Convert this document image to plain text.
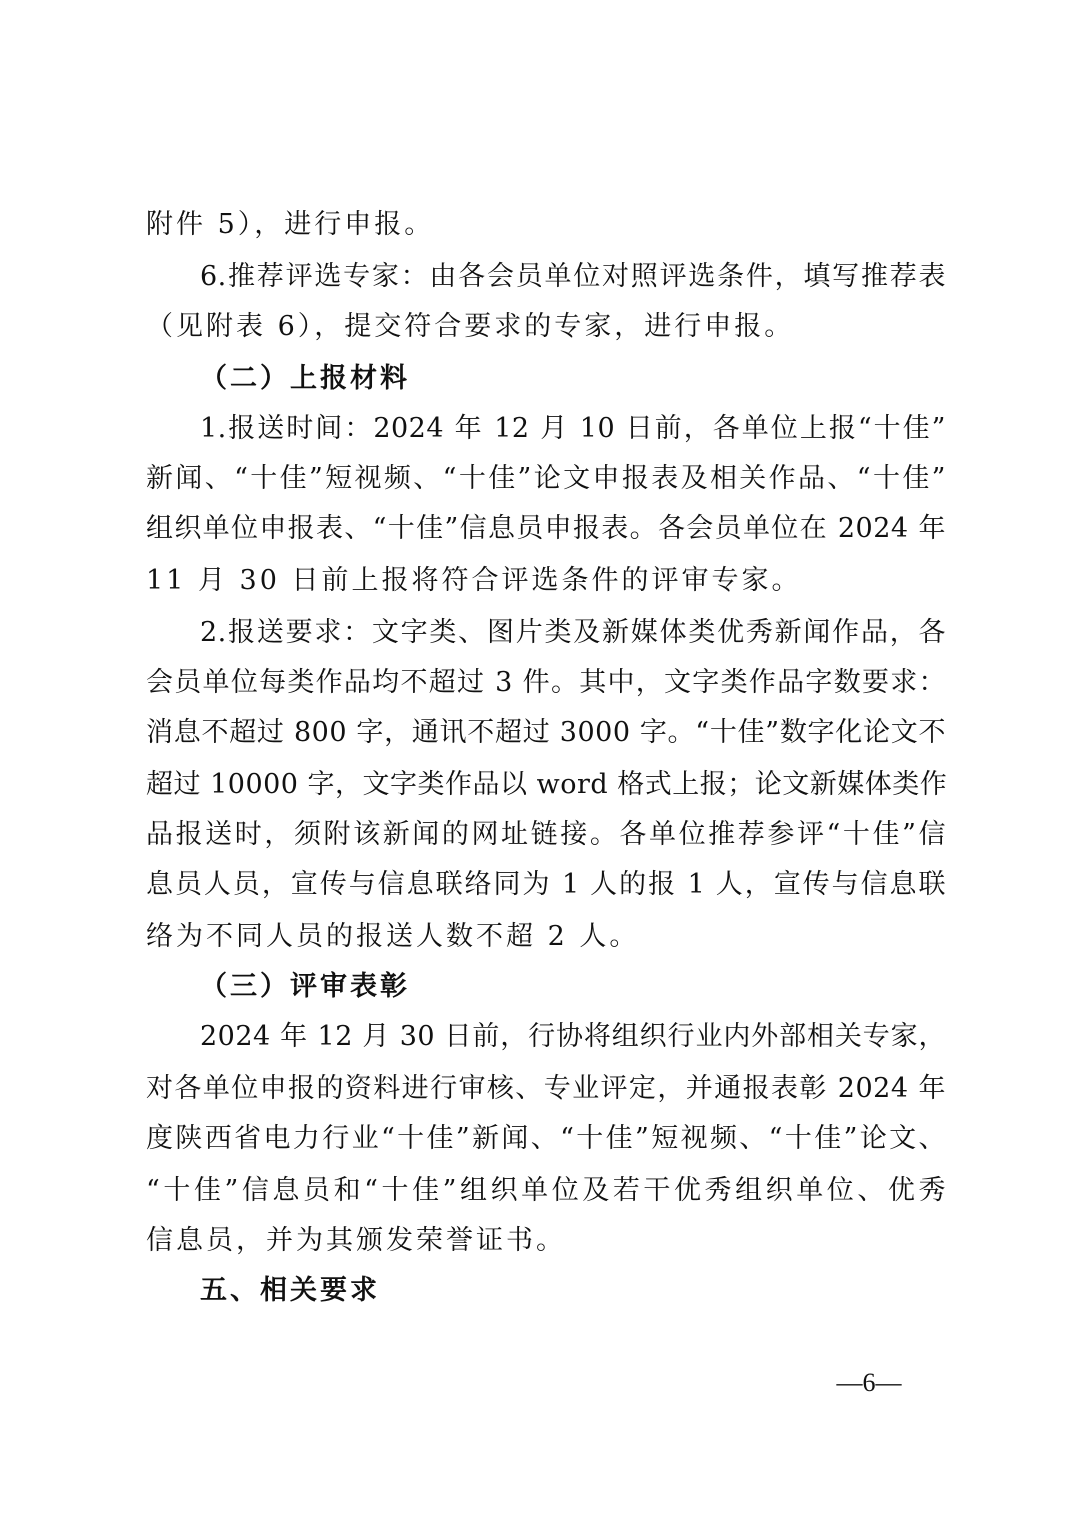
附件 5），进行申报。
6.推荐评选专家：由各会员单位对照评选条件，填写推荐表
（见附表 6），提交符合要求的专家，进行申报。
（二）上报材料
1.报送时间：2024 年 12 月 10 日前，各单位上报“十佳”
新闻、“十佳”短视频、“十佳”论文申报表及相关作品、“十佳”
组织单位申报表、“十佳”信息员申报表。各会员单位在 2024 年
11 月 30 日前上报将符合评选条件的评审专家。
2.报送要求：文字类、图片类及新媒体类优秀新闻作品，各
会员单位每类作品均不超过 3 件。其中，文字类作品字数要求：
消息不超过 800 字，通讯不超过 3000 字。“十佳”数字化论文不
超过 10000 字，文字类作品以 word 格式上报；论文新媒体类作
品报送时，须附该新闻的网址链接。各单位推荐参评“十佳”信
息员人员，宣传与信息联络同为 1 人的报 1 人，宣传与信息联
络为不同人员的报送人数不超 2 人。
（三）评审表彰
2024 年 12 月 30 日前，行协将组织行业内外部相关专家，
对各单位申报的资料进行审核、专业评定，并通报表彰 2024 年
度陕西省电力行业“十佳”新闻、“十佳”短视频、“十佳”论文、
“十佳”信息员和“十佳”组织单位及若干优秀组织单位、优秀
信息员，并为其颁发荣誉证书。
五、相关要求
—6—
